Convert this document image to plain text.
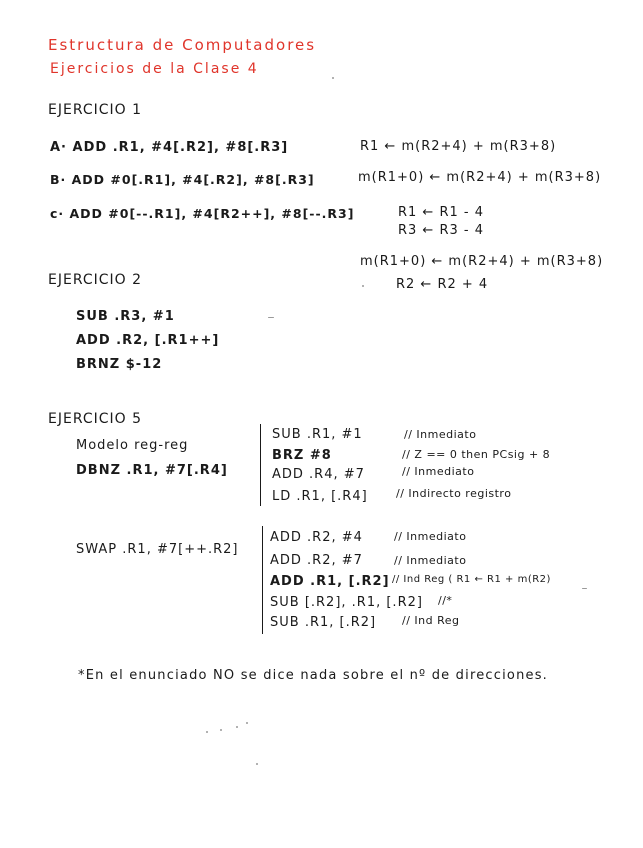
Estructura de Computadores
Ejercicios de la Clase 4
EJERCICIO 1
A· ADD .R1, #4[.R2], #8[.R3]	R1 ← m(R2+4) + m(R3+8)
B· ADD #0[.R1], #4[.R2], #8[.R3]	m(R1+0) ← m(R2+4) + m(R3+8)
c· ADD #0[--.R1], #4[R2++], #8[--.R3]	R1 ← R1 - 4
R3 ← R3 - 4
m(R1+0) ← m(R2+4) + m(R3+8)
R2 ← R2 + 4
EJERCICIO 2
SUB .R3, #1
ADD .R2, [.R1++]
BRNZ $-12
EJERCICIO 5
Modelo reg-reg
DBNZ .R1, #7[.R4]
SUB .R1, #1	// Inmediato
BRZ #8	// Z == 0 then PCsig + 8
ADD .R4, #7	// Inmediato
LD .R1, [.R4]	// Indirecto registro
SWAP .R1, #7[++.R2]
ADD .R2, #4	// Inmediato
ADD .R2, #7	// Inmediato
ADD .R1, [.R2] // Ind Reg ( R1 ← R1 + m(R2)
SUB [.R2], .R1, [.R2] //*
SUB .R1, [.R2] // Ind Reg
*En el enunciado NO se dice nada sobre el nº de direcciones.
